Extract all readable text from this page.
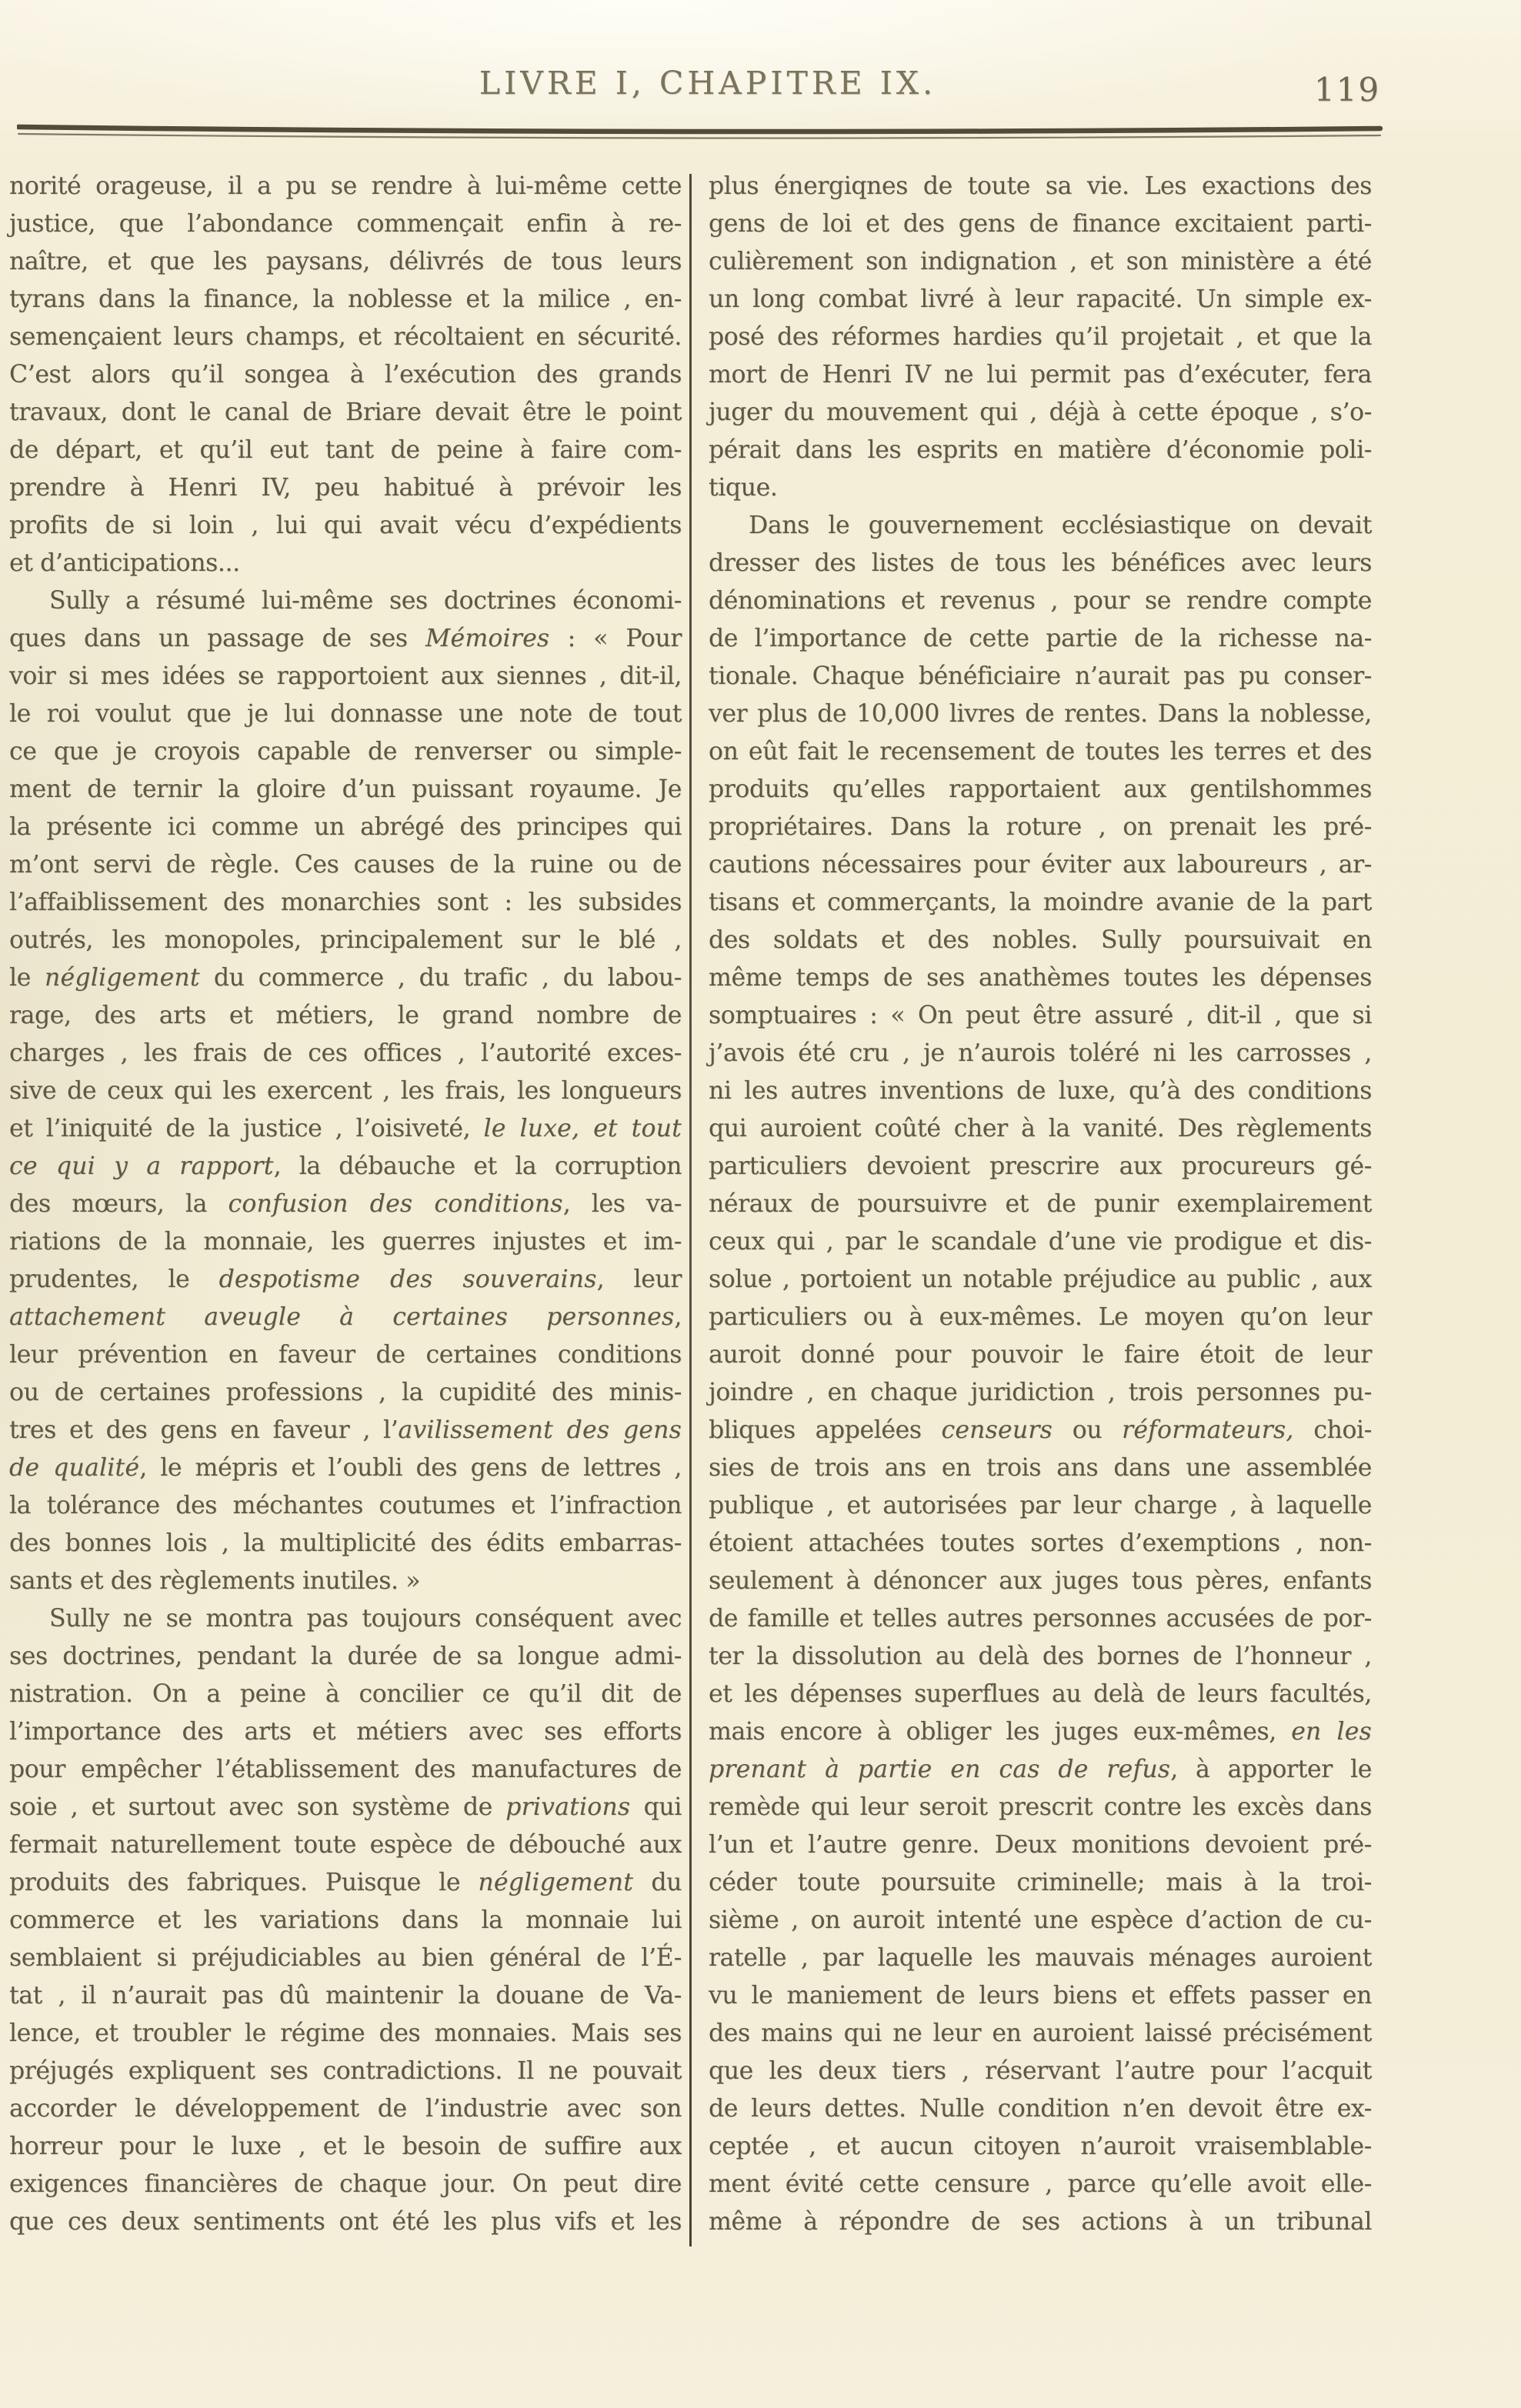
LIVRE I, CHAPITRE IX.	119
norité orageuse, il a pu se rendre à lui-même cette
justice, que l’abondance commençait enfin à re-
naître, et que les paysans, délivrés de tous leurs
tyrans dans la finance, la noblesse et la milice , en-
semençaient leurs champs, et récoltaient en sécurité.
C’est alors qu’il songea à l’exécution des grands
travaux, dont le canal de Briare devait être le point
de départ, et qu’il eut tant de peine à faire com-
prendre à Henri IV, peu habitué à prévoir les
profits de si loin , lui qui avait vécu d’expédients
et d’anticipations...
Sully a résumé lui-même ses doctrines économi-
ques dans un passage de ses Mémoires : « Pour
voir si mes idées se rapportoient aux siennes , dit-il,
le roi voulut que je lui donnasse une note de tout
ce que je croyois capable de renverser ou simple-
ment de ternir la gloire d’un puissant royaume. Je
la présente ici comme un abrégé des principes qui
m’ont servi de règle. Ces causes de la ruine ou de
l’affaiblissement des monarchies sont : les subsides
outrés, les monopoles, principalement sur le blé ,
le négligement du commerce , du trafic , du labou-
rage, des arts et métiers, le grand nombre de
charges , les frais de ces offices , l’autorité exces-
sive de ceux qui les exercent , les frais, les longueurs
et l’iniquité de la justice , l’oisiveté, le luxe, et tout
ce qui y a rapport, la débauche et la corruption
des mœurs, la confusion des conditions, les va-
riations de la monnaie, les guerres injustes et im-
prudentes, le despotisme des souverains, leur
attachement aveugle à certaines personnes,
leur prévention en faveur de certaines conditions
ou de certaines professions , la cupidité des minis-
tres et des gens en faveur , l’avilissement des gens
de qualité, le mépris et l’oubli des gens de lettres ,
la tolérance des méchantes coutumes et l’infraction
des bonnes lois , la multiplicité des édits embarras-
sants et des règlements inutiles. »
Sully ne se montra pas toujours conséquent avec
ses doctrines, pendant la durée de sa longue admi-
nistration. On a peine à concilier ce qu’il dit de
l’importance des arts et métiers avec ses efforts
pour empêcher l’établissement des manufactures de
soie , et surtout avec son système de privations qui
fermait naturellement toute espèce de débouché aux
produits des fabriques. Puisque le négligement du
commerce et les variations dans la monnaie lui
semblaient si préjudiciables au bien général de l’É-
tat , il n’aurait pas dû maintenir la douane de Va-
lence, et troubler le régime des monnaies. Mais ses
préjugés expliquent ses contradictions. Il ne pouvait
accorder le développement de l’industrie avec son
horreur pour le luxe , et le besoin de suffire aux
exigences financières de chaque jour. On peut dire
que ces deux sentiments ont été les plus vifs et les
plus énergiqnes de toute sa vie. Les exactions des
gens de loi et des gens de finance excitaient parti-
culièrement son indignation , et son ministère a été
un long combat livré à leur rapacité. Un simple ex-
posé des réformes hardies qu’il projetait , et que la
mort de Henri IV ne lui permit pas d’exécuter, fera
juger du mouvement qui , déjà à cette époque , s’o-
pérait dans les esprits en matière d’économie poli-
tique.
Dans le gouvernement ecclésiastique on devait
dresser des listes de tous les bénéfices avec leurs
dénominations et revenus , pour se rendre compte
de l’importance de cette partie de la richesse na-
tionale. Chaque bénéficiaire n’aurait pas pu conser-
ver plus de 10,000 livres de rentes. Dans la noblesse,
on eût fait le recensement de toutes les terres et des
produits qu’elles rapportaient aux gentilshommes
propriétaires. Dans la roture , on prenait les pré-
cautions nécessaires pour éviter aux laboureurs , ar-
tisans et commerçants, la moindre avanie de la part
des soldats et des nobles. Sully poursuivait en
même temps de ses anathèmes toutes les dépenses
somptuaires : « On peut être assuré , dit-il , que si
j’avois été cru , je n’aurois toléré ni les carrosses ,
ni les autres inventions de luxe, qu’à des conditions
qui auroient coûté cher à la vanité. Des règlements
particuliers devoient prescrire aux procureurs gé-
néraux de poursuivre et de punir exemplairement
ceux qui , par le scandale d’une vie prodigue et dis-
solue , portoient un notable préjudice au public , aux
particuliers ou à eux-mêmes. Le moyen qu’on leur
auroit donné pour pouvoir le faire étoit de leur
joindre , en chaque juridiction , trois personnes pu-
bliques appelées censeurs ou réformateurs, choi-
sies de trois ans en trois ans dans une assemblée
publique , et autorisées par leur charge , à laquelle
étoient attachées toutes sortes d’exemptions , non-
seulement à dénoncer aux juges tous pères, enfants
de famille et telles autres personnes accusées de por-
ter la dissolution au delà des bornes de l’honneur ,
et les dépenses superflues au delà de leurs facultés,
mais encore à obliger les juges eux-mêmes, en les
prenant à partie en cas de refus, à apporter le
remède qui leur seroit prescrit contre les excès dans
l’un et l’autre genre. Deux monitions devoient pré-
céder toute poursuite criminelle; mais à la troi-
sième , on auroit intenté une espèce d’action de cu-
ratelle , par laquelle les mauvais ménages auroient
vu le maniement de leurs biens et effets passer en
des mains qui ne leur en auroient laissé précisément
que les deux tiers , réservant l’autre pour l’acquit
de leurs dettes. Nulle condition n’en devoit être ex-
ceptée , et aucun citoyen n’auroit vraisemblable-
ment évité cette censure , parce qu’elle avoit elle-
même à répondre de ses actions à un tribunal
